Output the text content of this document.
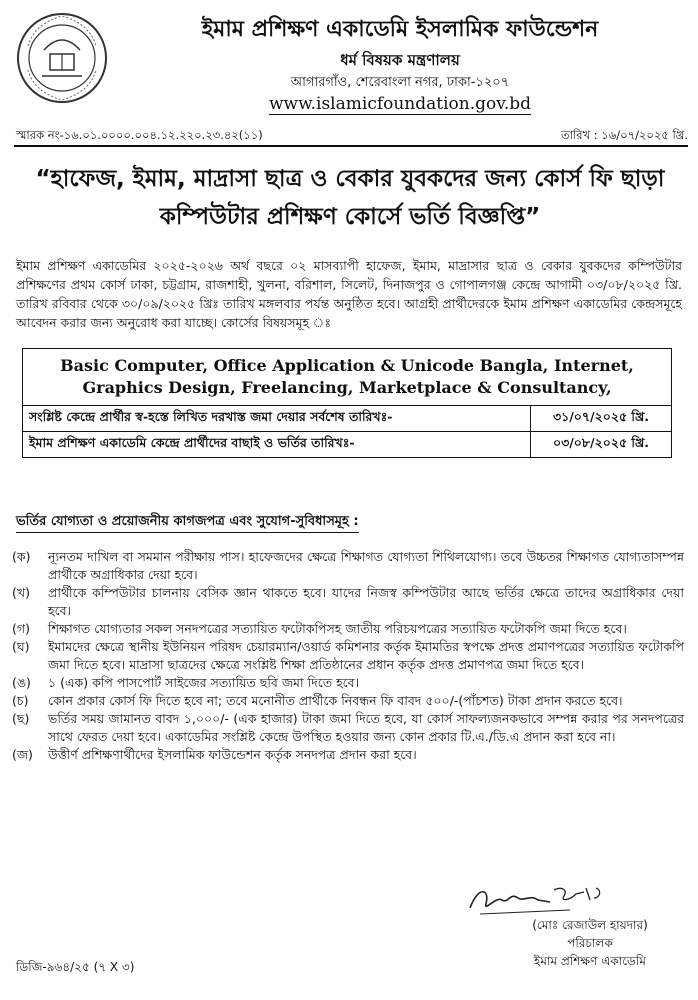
ইমাম প্রশিক্ষণ একাডেমি ইসলামিক ফাউন্ডেশন
ধর্ম বিষয়ক মন্ত্রণালয়
আগারগাঁও, শেরেবাংলা নগর, ঢাকা-১২০৭
www.islamicfoundation.gov.bd
স্মারক নং-১৬.০১.০০০০.০০৪.১২.২২০.২৩.৪২(১১)	তারিখ : ১৬/০৭/২০২৫ খ্রি.
“হাফেজ, ইমাম, মাদ্রাসা ছাত্র ও বেকার যুবকদের জন্য কোর্স ফি ছাড়া
কম্পিউটার প্রশিক্ষণ কোর্সে ভর্তি বিজ্ঞপ্তি”
ইমাম প্রশিক্ষণ একাডেমির ২০২৫-২০২৬ অর্থ বছরে ০২ মাসব্যাপী হাফেজ, ইমাম, মাদ্রাসার ছাত্র ও বেকার যুবকদের কম্পিউটার প্রশিক্ষণের প্রথম কোর্স ঢাকা, চট্টগ্রাম, রাজশাহী, খুলনা, বরিশাল, সিলেট, দিনাজপুর ও গোপালগঞ্জ কেন্দ্রে আগামী ০৩/০৮/২০২৫ খ্রি. তারিখ রবিবার থেকে ৩০/০৯/২০২৫ খ্রিঃ তারিখ মঙ্গলবার পর্যন্ত অনুষ্ঠিত হবে। আগ্রহী প্রার্থীদেরকে ইমাম প্রশিক্ষণ একাডেমির কেন্দ্রসমূহে আবেদন করার জন্য অনুরোধ করা যাচ্ছে। কোর্সের বিষয়সমূহ ঃ
Basic Computer, Office Application & Unicode Bangla, Internet,
Graphics Design, Freelancing, Marketplace & Consultancy,	

সংশ্লিষ্ট কেন্দ্রে প্রার্থীর স্ব-হস্তে লিখিত দরখাস্ত জমা দেয়ার সর্বশেষ তারিখঃ-	৩১/০৭/২০২৫ খ্রি.
ইমাম প্রশিক্ষণ একাডেমি কেন্দ্রে প্রার্থীদের বাছাই ও ভর্তির তারিখঃ-	০৩/০৮/২০২৫ খ্রি.
ভর্তির যোগ্যতা ও প্রয়োজনীয় কাগজপত্র এবং সুযোগ-সুবিধাসমূহ :
(ক) ন্যূনতম দাখিল বা সমমান পরীক্ষায় পাস। হাফেজদের ক্ষেত্রে শিক্ষাগত যোগ্যতা শিথিলযোগ্য। তবে উচ্চতর শিক্ষাগত যোগ্যতাসম্পন্ন প্রার্থীকে অগ্রাধিকার দেয়া হবে।
(খ) প্রার্থীকে কম্পিউটার চালনায় বেসিক জ্ঞান থাকতে হবে। যাদের নিজস্ব কম্পিউটার আছে ভর্তির ক্ষেত্রে তাদের অগ্রাধিকার দেয়া হবে।
(গ) শিক্ষাগত যোগ্যতার সকল সনদপত্রের সত্যায়িত ফটোকপিসহ জাতীয় পরিচয়পত্রের সত্যায়িত ফটোকপি জমা দিতে হবে।
(ঘ) ইমামদের ক্ষেত্রে স্থানীয় ইউনিয়ন পরিষদ চেয়ারম্যান/ওয়ার্ড কমিশনার কর্তৃক ইমামতির স্বপক্ষে প্রদত্ত প্রমাণপত্রের সত্যায়িত ফটোকপি জমা দিতে হবে। মাদ্রাসা ছাত্রদের ক্ষেত্রে সংশ্লিষ্ট শিক্ষা প্রতিষ্ঠানের প্রধান কর্তৃক প্রদত্ত প্রমাণপত্র জমা দিতে হবে।
(ঙ) ১ (এক) কপি পাসপোর্ট সাইজের সত্যায়িত ছবি জমা দিতে হবে।
(চ) কোন প্রকার কোর্স ফি দিতে হবে না; তবে মনোনীত প্রার্থীকে নিবন্ধন ফি বাবদ ৫০০/-(পাঁচশত) টাকা প্রদান করতে হবে।
(ছ) ভর্তির সময় জামানত বাবদ ১,০০০/- (এক হাজার) টাকা জমা দিতে হবে, যা কোর্স সাফল্যজনকভাবে সম্পন্ন করার পর সনদপত্রের সাথে ফেরত দেয়া হবে। একাডেমির সংশ্লিষ্ট কেন্দ্রে উপস্থিত হওয়ার জন্য কোন প্রকার টি.এ./ডি.এ প্রদান করা হবে না।
(জ) উত্তীর্ণ প্রশিক্ষণার্থীদের ইসলামিক ফাউন্ডেশন কর্তৃক সনদপত্র প্রদান করা হবে।
(মোঃ রেজাউল হায়দার)
পরিচালক
ইমাম প্রশিক্ষণ একাডেমি
ডিজি-৯৬৪/২৫ (৭ X ৩)
